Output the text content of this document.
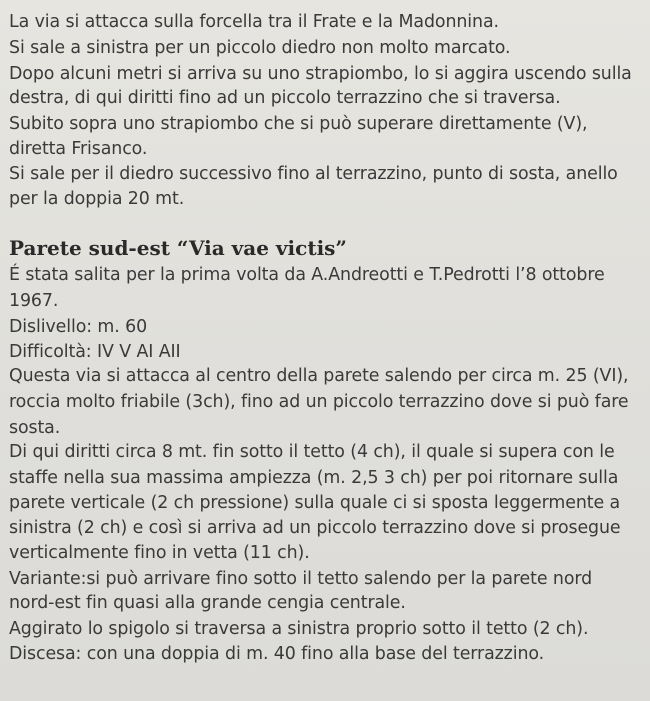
La via si attacca sulla forcella tra il Frate e la Madonnina.
Si sale a sinistra per un piccolo diedro non molto marcato.
Dopo alcuni metri si arriva su uno strapiombo, lo si aggira uscendo sulla
destra, di qui diritti fino ad un piccolo terrazzino che si traversa.
Subito sopra uno strapiombo che si può superare direttamente (V),
diretta Frisanco.
Si sale per il diedro successivo fino al terrazzino, punto di sosta, anello
per la doppia 20 mt.
Parete sud-est “Via vae victis”
É stata salita per la prima volta da A.Andreotti e T.Pedrotti l’8 ottobre
1967.
Dislivello: m. 60
Difficoltà: IV V AI AII
Questa via si attacca al centro della parete salendo per circa m. 25 (VI),
roccia molto friabile (3ch), fino ad un piccolo terrazzino dove si può fare
sosta.
Di qui diritti circa 8 mt. fin sotto il tetto (4 ch), il quale si supera con le
staffe nella sua massima ampiezza (m. 2,5 3 ch) per poi ritornare sulla
parete verticale (2 ch pressione) sulla quale ci si sposta leggermente a
sinistra (2 ch) e così si arriva ad un piccolo terrazzino dove si prosegue
verticalmente fino in vetta (11 ch).
Variante:si può arrivare fino sotto il tetto salendo per la parete nord
nord-est fin quasi alla grande cengia centrale.
Aggirato lo spigolo si traversa a sinistra proprio sotto il tetto (2 ch).
Discesa: con una doppia di m. 40 fino alla base del terrazzino.
